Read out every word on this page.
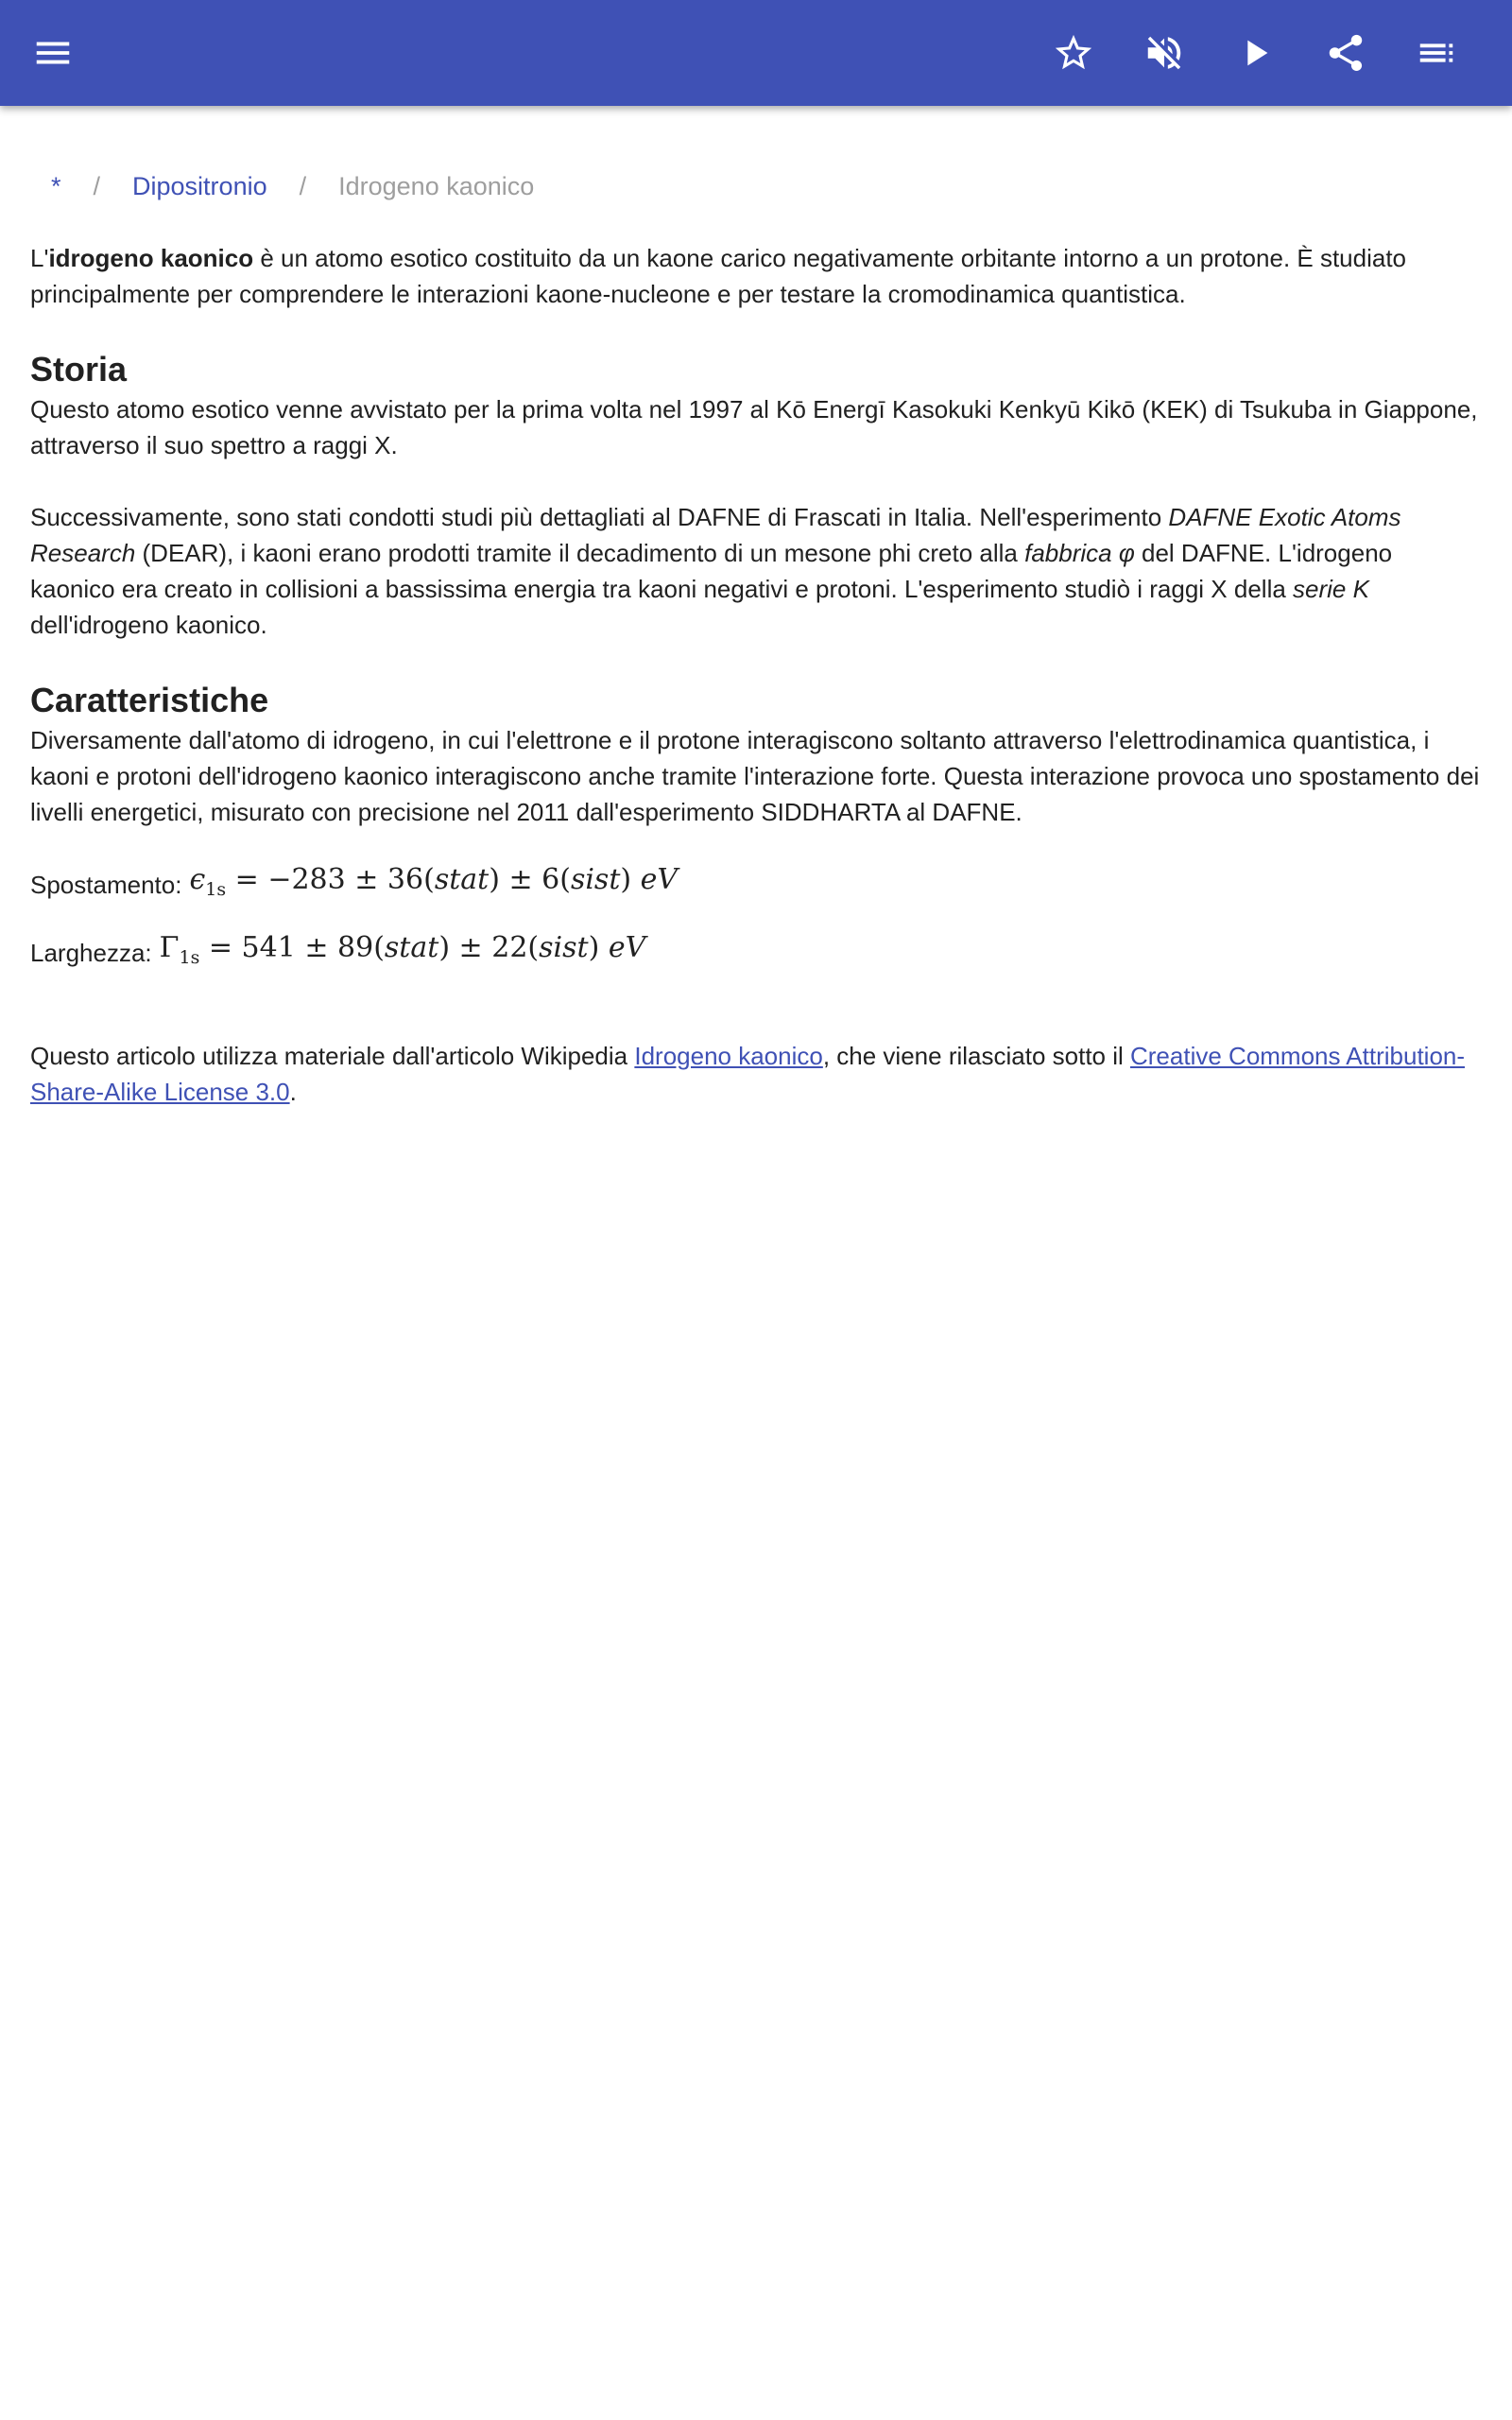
* / Dipositronio / Idrogeno kaonico

L'idrogeno kaonico è un atomo esotico costituito da un kaone carico negativamente orbitante intorno a un protone. È studiato principalmente per comprendere le interazioni kaone-nucleone e per testare la cromodinamica quantistica.

Storia

Questo atomo esotico venne avvistato per la prima volta nel 1997 al Kō Energī Kasokuki Kenkyū Kikō (KEK) di Tsukuba in Giappone, attraverso il suo spettro a raggi X.

Successivamente, sono stati condotti studi più dettagliati al DAFNE di Frascati in Italia. Nell'esperimento DAFNE Exotic Atoms Research (DEAR), i kaoni erano prodotti tramite il decadimento di un mesone phi creto alla fabbrica φ del DAFNE. L'idrogeno kaonico era creato in collisioni a bassissima energia tra kaoni negativi e protoni. L'esperimento studiò i raggi X della serie K dell'idrogeno kaonico.

Caratteristiche

Diversamente dall'atomo di idrogeno, in cui l'elettrone e il protone interagiscono soltanto attraverso l'elettrodinamica quantistica, i kaoni e protoni dell'idrogeno kaonico interagiscono anche tramite l'interazione forte. Questa interazione provoca uno spostamento dei livelli energetici, misurato con precisione nel 2011 dall'esperimento SIDDHARTA al DAFNE.

Spostamento: $\epsilon_{1s} = -283$ ± 36(stat) ± 6(sist) eV
Larghezza: $\Gamma_{1s} = 541$ ± 89(stat) ± 22(sist) eV

Questo articolo utilizza materiale dall'articolo Wikipedia Idrogeno kaonico, che viene rilasciato sotto il Creative Commons Attribution-Share-Alike License 3.0.
